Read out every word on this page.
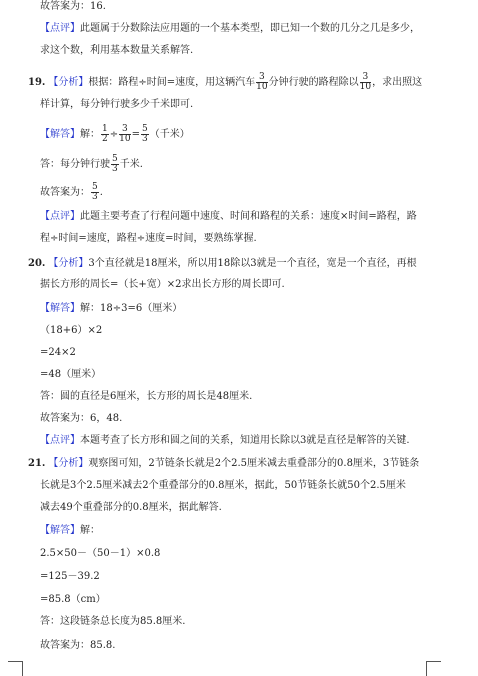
故答案为：16.
【点评】此题属于分数除法应用题的一个基本类型，即已知一个数的几分之几是多少，
求这个数，利用基本数量关系解答.
19. 【分析】根据：路程÷时间=速度，用这辆汽车 $\frac{3}{10}$ 分钟行驶的路程除以 $\frac{3}{10}$ ，求出照这
样计算，每分钟行驶多少千米即可.
【解答】解： $\frac{1}{2} \div \frac{3}{10} = \frac{5}{3}$ （千米）
答：每分钟行驶 $\frac{5}{3}$ 千米.
故答案为： $\frac{5}{3}$ .
【点评】此题主要考查了行程问题中速度、时间和路程的关系：速度×时间=路程，路
程÷时间=速度，路程÷速度=时间，要熟练掌握.
20. 【分析】3个直径就是18厘米，所以用18除以3就是一个直径，宽是一个直径，再根
据长方形的周长=（长+宽）×2求出长方形的周长即可.
【解答】解：18÷3=6（厘米）
（18+6）×2
=24×2
=48（厘米）
答：圆的直径是6厘米，长方形的周长是48厘米.
故答案为：6，48.
【点评】本题考查了长方形和圆之间的关系，知道用长除以3就是直径是解答的关键.
21. 【分析】观察图可知，2节链条长就是2个2.5厘米减去重叠部分的0.8厘米，3节链条
长就是3个2.5厘米减去2个重叠部分的0.8厘米，据此，50节链条长就50个2.5厘米
减去49个重叠部分的0.8厘米，据此解答.
【解答】解：
2.5×50－（50－1）×0.8
=125－39.2
=85.8（cm）
答：这段链条总长度为85.8厘米.
故答案为：85.8.
